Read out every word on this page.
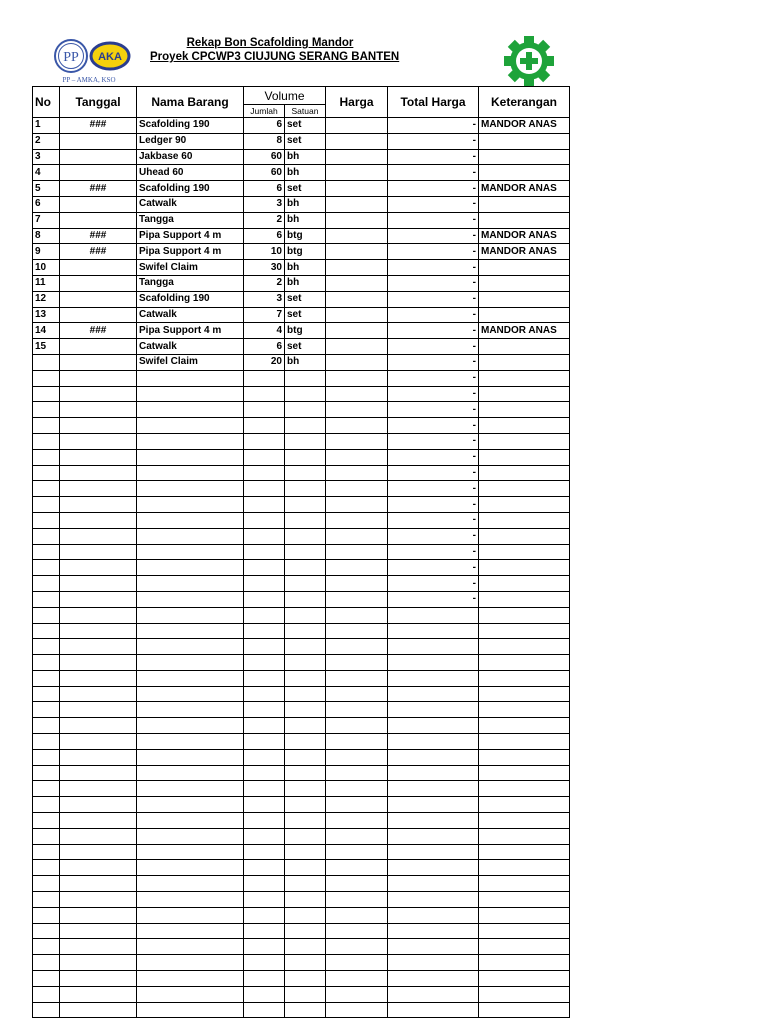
PP AKA
PP – AMKA, KSO
Rekap Bon Scafolding Mandor
Proyek CPCWP3 CIUJUNG SERANG BANTEN
No	Tanggal	Nama Barang	Volume		Harga	Total Harga	Keterangan
			Jumlah	Satuan			
1	###	Scafolding 190	6	set		-	MANDOR ANAS
2		Ledger 90	8	set		-	
3		Jakbase 60	60	bh		-	
4		Uhead 60	60	bh		-	
5	###	Scafolding 190	6	set		-	MANDOR ANAS
6		Catwalk	3	bh		-	
7		Tangga	2	bh		-	
8	###	Pipa Support 4 m	6	btg		-	MANDOR ANAS
9	###	Pipa Support 4 m	10	btg		-	MANDOR ANAS
10		Swifel Claim	30	bh		-	
11		Tangga	2	bh		-	
12		Scafolding 190	3	set		-	
13		Catwalk	7	set		-	
14	###	Pipa Support 4 m	4	btg		-	MANDOR ANAS
15		Catwalk	6	set		-	
		Swifel Claim	20	bh		-	
						-	
						-	
						-	
						-	
						-	
						-	
						-	
						-	
						-	
						-	
						-	
						-	
						-	
						-	
						-	
